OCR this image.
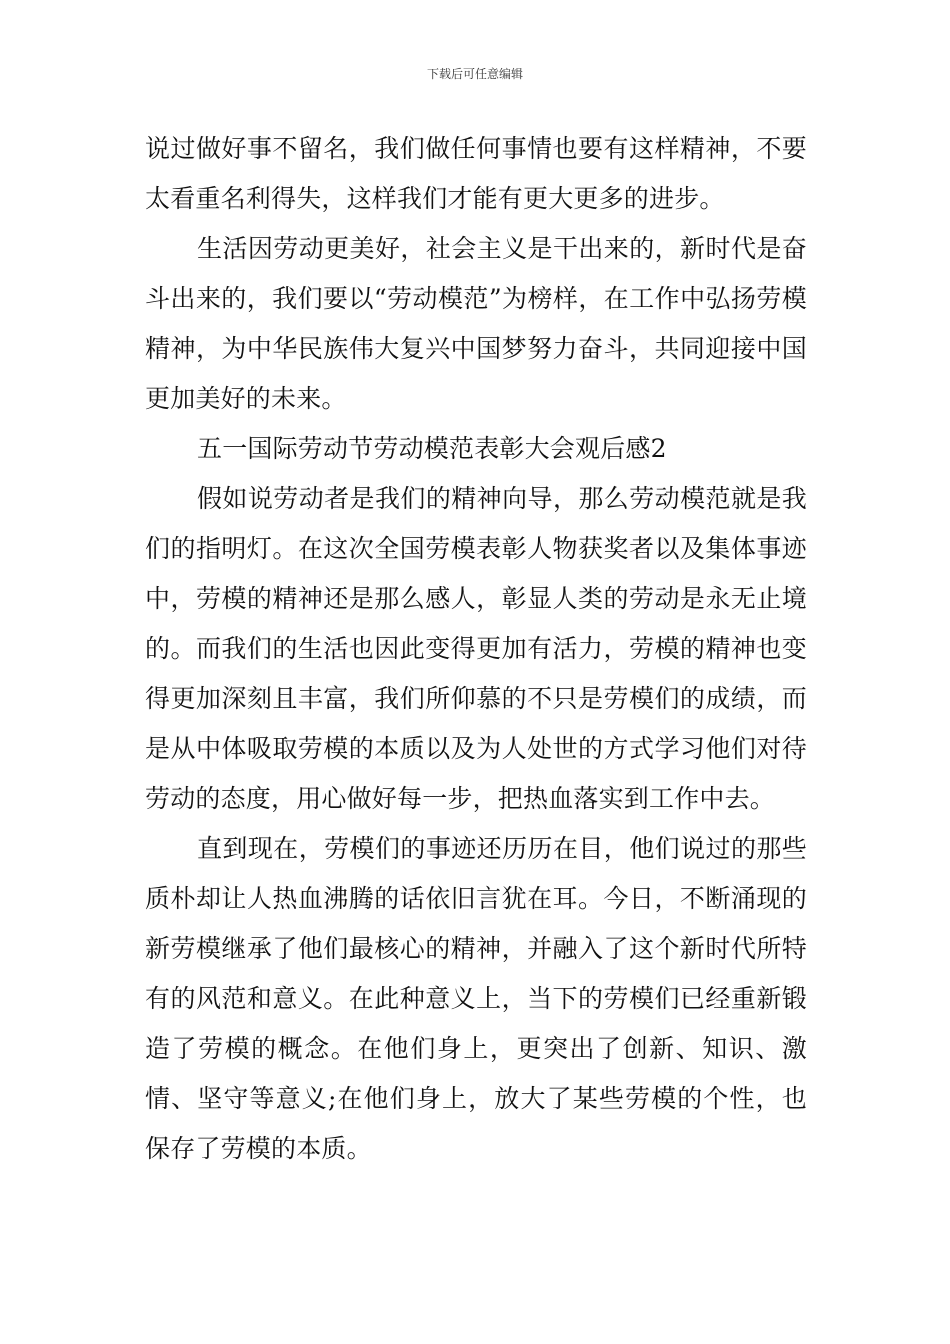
下载后可任意编辑

说过做好事不留名，我们做任何事情也要有这样精神，不要太看重名利得失，这样我们才能有更大更多的进步。

生活因劳动更美好，社会主义是干出来的，新时代是奋斗出来的，我们要以“劳动模范”为榜样，在工作中弘扬劳模精神，为中华民族伟大复兴中国梦努力奋斗，共同迎接中国更加美好的未来。

五一国际劳动节劳动模范表彰大会观后感2

假如说劳动者是我们的精神向导，那么劳动模范就是我们的指明灯。在这次全国劳模表彰人物获奖者以及集体事迹中，劳模的精神还是那么感人，彰显人类的劳动是永无止境的。而我们的生活也因此变得更加有活力，劳模的精神也变得更加深刻且丰富，我们所仰慕的不只是劳模们的成绩，而是从中体吸取劳模的本质以及为人处世的方式学习他们对待劳动的态度，用心做好每一步，把热血落实到工作中去。

直到现在，劳模们的事迹还历历在目，他们说过的那些质朴却让人热血沸腾的话依旧言犹在耳。今日，不断涌现的新劳模继承了他们最核心的精神，并融入了这个新时代所特有的风范和意义。在此种意义上，当下的劳模们已经重新锻造了劳模的概念。在他们身上，更突出了创新、知识、激情、坚守等意义;在他们身上，放大了某些劳模的个性，也保存了劳模的本质。
